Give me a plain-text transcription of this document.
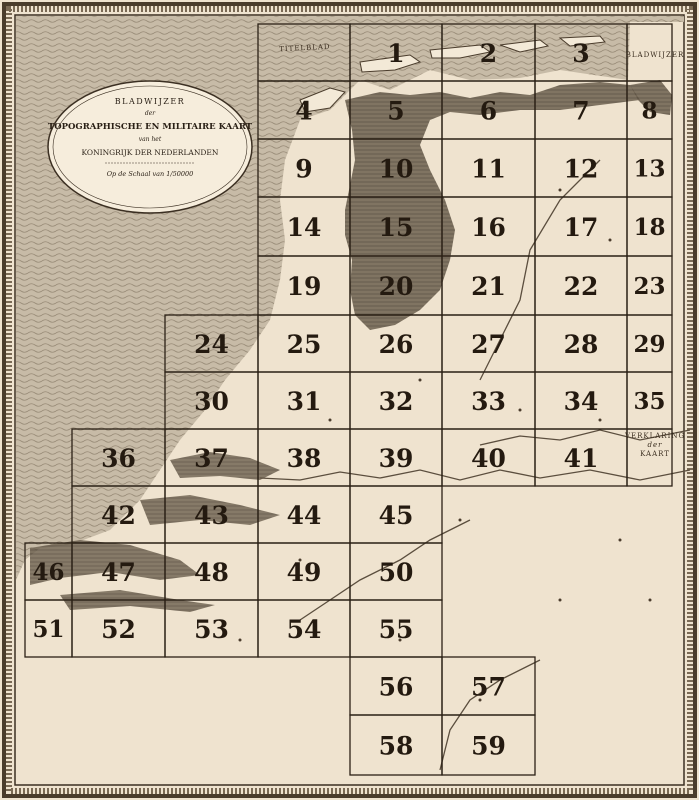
BLADWIJZER
der
TOPOGRAPHISCHE EN MILITAIRE KAART
van het
KONINGRIJK DER NEDERLANDEN
Op de Schaal van 1/50000
1	2	3
4	5	6	7 8
9	10 11 12 13
14 15 16 17 18
19 20 21 22 23
24 25 26 27 28 29
30 31 32 33 34 35
36 37 38 39 40 41
42 43 44 45
46 47 48 49 50
51 52 53 54 55
56 57
58 59
TITELBLAD
BLADWIJZER
VERKLARING
der
KAART
